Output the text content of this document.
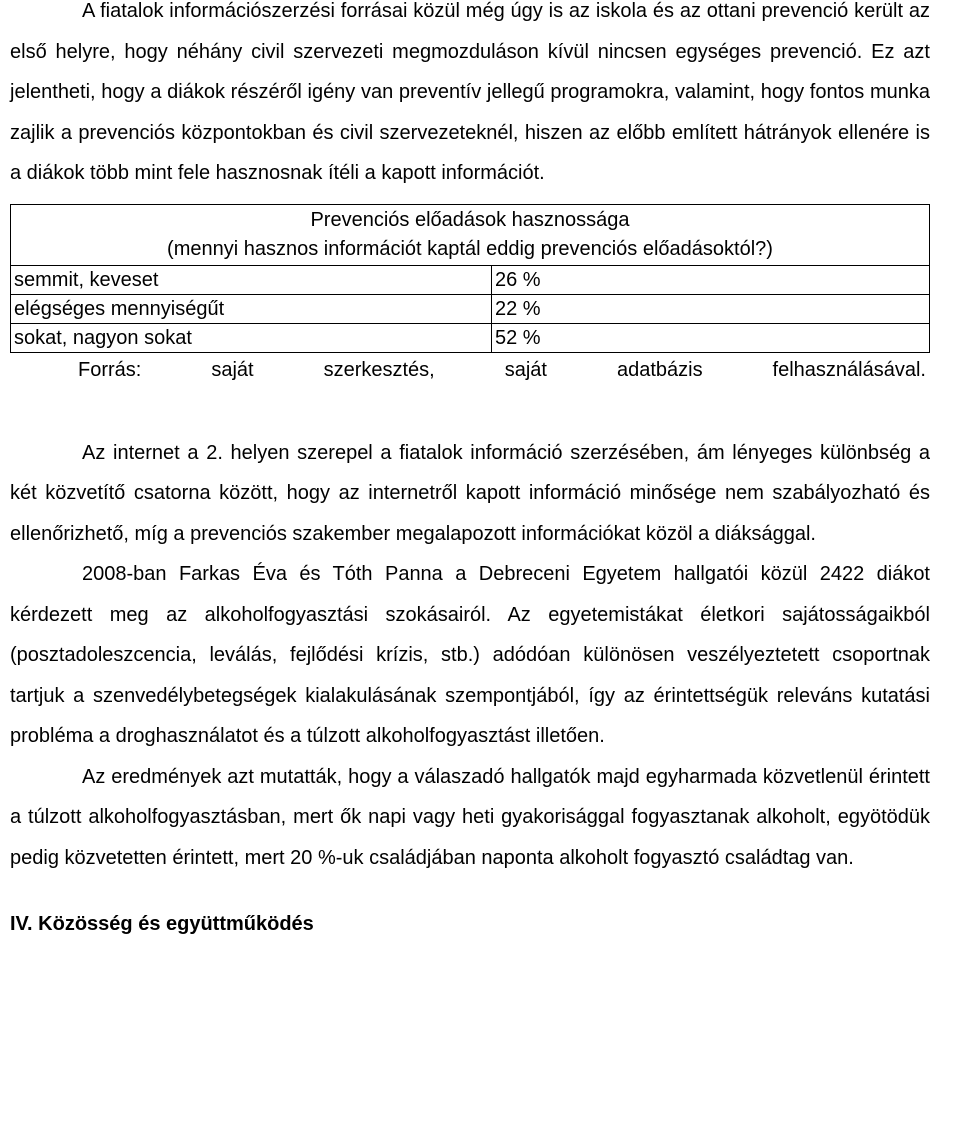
A fiatalok információszerzési forrásai közül még úgy is az iskola és az ottani prevenció került az első helyre, hogy néhány civil szervezeti megmozduláson kívül nincsen egységes prevenció. Ez azt jelentheti, hogy a diákok részéről igény van preventív jellegű programokra, valamint, hogy fontos munka zajlik a prevenciós központokban és civil szervezeteknél, hiszen az előbb említett hátrányok ellenére is a diákok több mint fele hasznosnak ítéli a kapott információt.

Prevenciós előadások hasznossága
(mennyi hasznos információt kaptál eddig prevenciós előadásoktól?)	

semmit, keveset	26 %
elégséges mennyiségűt	22 %
sokat, nagyon sokat	52 %

Forrás: saját szerkesztés, saját adatbázis felhasználásával.

Az internet a 2. helyen szerepel a fiatalok információ szerzésében, ám lényeges különbség a két közvetítő csatorna között, hogy az internetről kapott információ minősége nem szabályozható és ellenőrizhető, míg a prevenciós szakember megalapozott információkat közöl a diáksággal.

2008-ban Farkas Éva és Tóth Panna a Debreceni Egyetem hallgatói közül 2422 diákot kérdezett meg az alkoholfogyasztási szokásairól. Az egyetemistákat életkori sajátosságaikból (posztadoleszcencia, leválás, fejlődési krízis, stb.) adódóan különösen veszélyeztetett csoportnak tartjuk a szenvedélybetegségek kialakulásának szempontjából, így az érintettségük releváns kutatási probléma a droghasználatot és a túlzott alkoholfogyasztást illetően.

Az eredmények azt mutatták, hogy a válaszadó hallgatók majd egyharmada közvetlenül érintett a túlzott alkoholfogyasztásban, mert ők napi vagy heti gyakorisággal fogyasztanak alkoholt, egyötödük pedig közvetetten érintett, mert 20 %-uk családjában naponta alkoholt fogyasztó családtag van.

IV. Közösség és együttműködés
